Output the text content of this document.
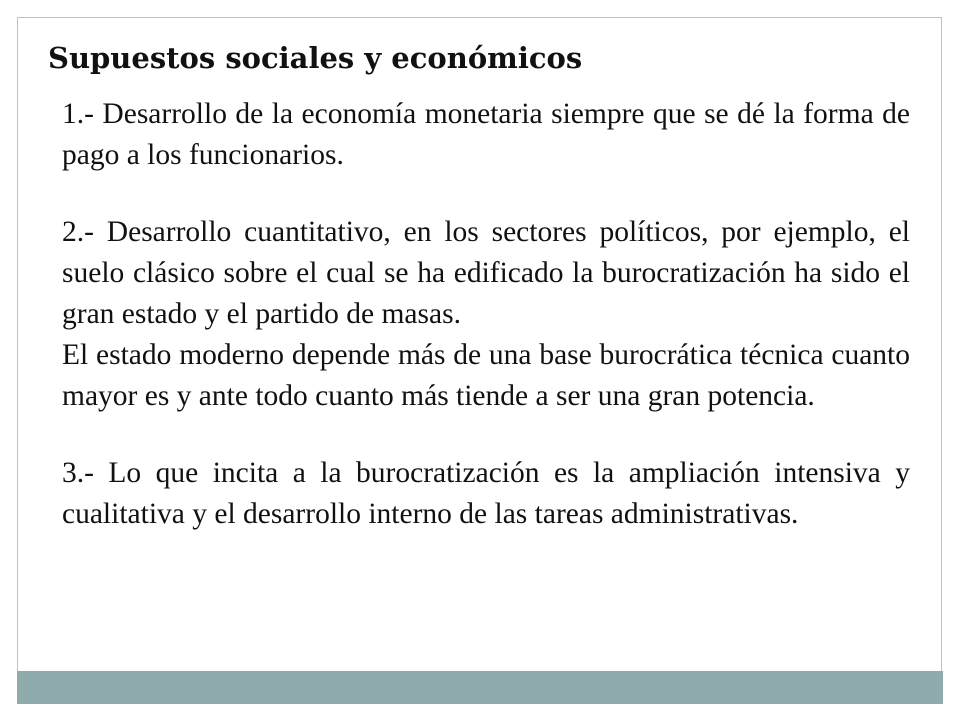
Supuestos sociales y económicos

1.- Desarrollo de la economía monetaria siempre que se dé la forma de pago a los funcionarios.

2.- Desarrollo cuantitativo, en los sectores políticos, por ejemplo, el suelo clásico sobre el cual se ha edificado la burocratización ha sido el gran estado y el partido de masas.

El estado moderno depende más de una base burocrática técnica cuanto mayor es y ante todo cuanto más tiende a ser una gran potencia.

3.- Lo que incita a la burocratización es la ampliación intensiva y cualitativa y el desarrollo interno de las tareas administrativas.
